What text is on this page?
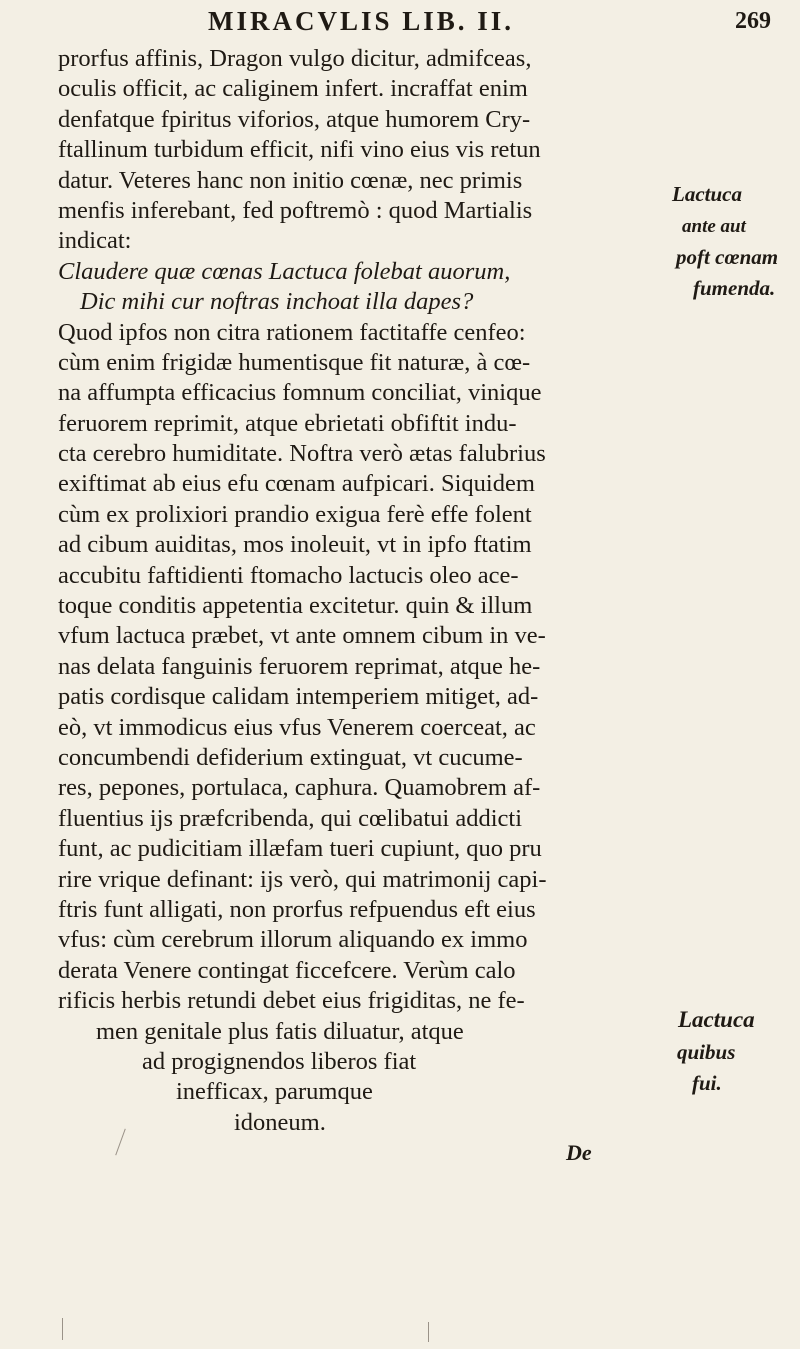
MIRACVLIS LIB. II.	269
prorfus affinis, Dragon vulgo dicitur, admifceas,
oculis officit, ac caliginem infert. incraffat enim
denfatque fpiritus viforios, atque humorem Cry-
ftallinum turbidum efficit, nifi vino eius vis retun
datur. Veteres hanc non initio cœnæ, nec primis
menfis inferebant, fed poftremò : quod Martialis
indicat:
Claudere quæ cœnas Lactuca folebat auorum,
Dic mihi cur noftras inchoat illa dapes?
Quod ipfos non citra rationem factitaffe cenfeo:
cùm enim frigidæ humentisque fit naturæ, à cœ-
na affumpta efficacius fomnum conciliat, vinique
feruorem reprimit, atque ebrietati obfiftit indu-
cta cerebro humiditate. Noftra verò ætas falubrius
exiftimat ab eius efu cœnam aufpicari. Siquidem
cùm ex prolixiori prandio exigua ferè effe folent
ad cibum auiditas, mos inoleuit, vt in ipfo ftatim
accubitu faftidienti ftomacho lactucis oleo ace-
toque conditis appetentia excitetur. quin & illum
vfum lactuca præbet, vt ante omnem cibum in ve-
nas delata fanguinis feruorem reprimat, atque he-
patis cordisque calidam intemperiem mitiget, ad-
eò, vt immodicus eius vfus Venerem coerceat, ac
concumbendi defiderium extinguat, vt cucume-
res, pepones, portulaca, caphura. Quamobrem af-
fluentius ijs præfcribenda, qui cœlibatui addicti
funt, ac pudicitiam illæfam tueri cupiunt, quo pru
rire vrique definant: ijs verò, qui matrimonij capi-
ftris funt alligati, non prorfus refpuendus eft eius
vfus: cùm cerebrum illorum aliquando ex immo
derata Venere contingat ficcefcere. Verùm calo
rificis herbis retundi debet eius frigiditas, ne fe-
men genitale plus fatis diluatur, atque
ad progignendos liberos fiat
inefficax, parumque
idoneum.
Lactuca
ante aut
poft cœnam
fumenda.
Lactuca
quibus
fui.
De
